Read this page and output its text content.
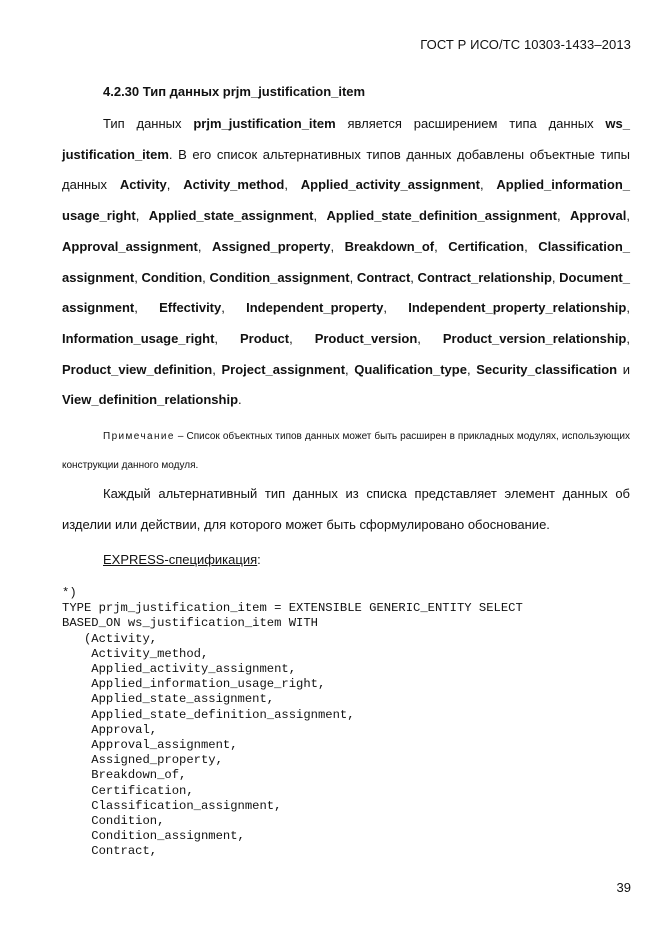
ГОСТ Р ИСО/ТС 10303-1433–2013
4.2.30 Тип данных prjm_justification_item
Тип данных prjm_justification_item является расширением типа данных ws_ justification_item. В его список альтернативных типов данных добавлены объектные типы данных Activity, Activity_method, Applied_activity_assignment, Applied_information_ usage_right, Applied_state_assignment, Applied_state_definition_assignment, Approval, Approval_assignment, Assigned_property, Breakdown_of, Certification, Classification_ assignment, Condition, Condition_assignment, Contract, Contract_relationship, Document_ assignment, Effectivity, Independent_property, Independent_property_relationship, Information_usage_right, Product, Product_version, Product_version_relationship, Product_view_definition, Project_assignment, Qualification_type, Security_classification и View_definition_relationship.
Примечание – Список объектных типов данных может быть расширен в прикладных модулях, использующих конструкции данного модуля.
Каждый альтернативный тип данных из списка представляет элемент данных об изделии или действии, для которого может быть сформулировано обоснование.
EXPRESS-спецификация:
*)
TYPE prjm_justification_item = EXTENSIBLE GENERIC_ENTITY SELECT
BASED_ON ws_justification_item WITH
(Activity,
Activity_method,
Applied_activity_assignment,
Applied_information_usage_right,
Applied_state_assignment,
Applied_state_definition_assignment,
Approval,
Approval_assignment,
Assigned_property,
Breakdown_of,
Certification,
Classification_assignment,
Condition,
Condition_assignment,
Contract,
39
